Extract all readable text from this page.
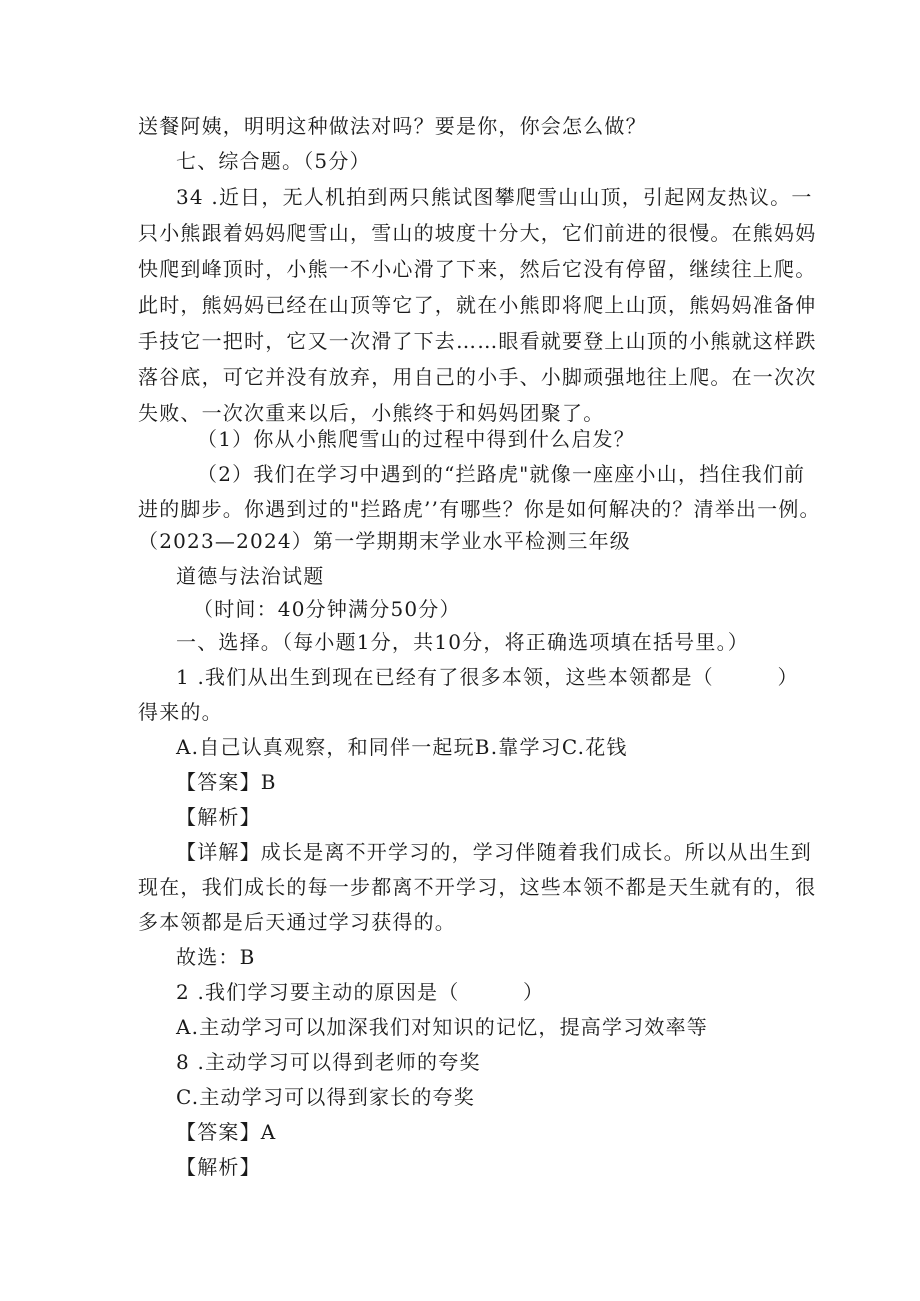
送餐阿姨，明明这种做法对吗？要是你，你会怎么做？
七、综合题。（5分）
34 .近日，无人机拍到两只熊试图攀爬雪山山顶，引起网友热议。一
只小熊跟着妈妈爬雪山，雪山的坡度十分大，它们前进的很慢。在熊妈妈
快爬到峰顶时，小熊一不小心滑了下来，然后它没有停留，继续往上爬。
此时，熊妈妈已经在山顶等它了，就在小熊即将爬上山顶，熊妈妈准备伸
手技它一把时，它又一次滑了下去……眼看就要登上山顶的小熊就这样跌
落谷底，可它并没有放弃，用自己的小手、小脚顽强地往上爬。在一次次
失败、一次次重来以后，小熊终于和妈妈团聚了。
（1）你从小熊爬雪山的过程中得到什么启发？
（2）我们在学习中遇到的“拦路虎"就像一座座小山，挡住我们前
进的脚步。你遇到过的"拦路虎’’有哪些？你是如何解决的？清举出一例。
（2023—2024）第一学期期末学业水平检测三年级
道德与法治试题
（时间：40分钟满分50分）
一、选择。（每小题1分，共10分，将正确选项填在括号里。）
1 .我们从出生到现在已经有了很多本领，这些本领都是（　　　）
得来的。
A.自己认真观察，和同伴一起玩B.靠学习C.花钱
【答案】B
【解析】
【详解】成长是离不开学习的，学习伴随着我们成长。所以从出生到
现在，我们成长的每一步都离不开学习，这些本领不都是天生就有的，很
多本领都是后天通过学习获得的。
故选：B
2 .我们学习要主动的原因是（　　　）
A.主动学习可以加深我们对知识的记忆，提高学习效率等
8 .主动学习可以得到老师的夸奖
C.主动学习可以得到家长的夸奖
【答案】A
【解析】
